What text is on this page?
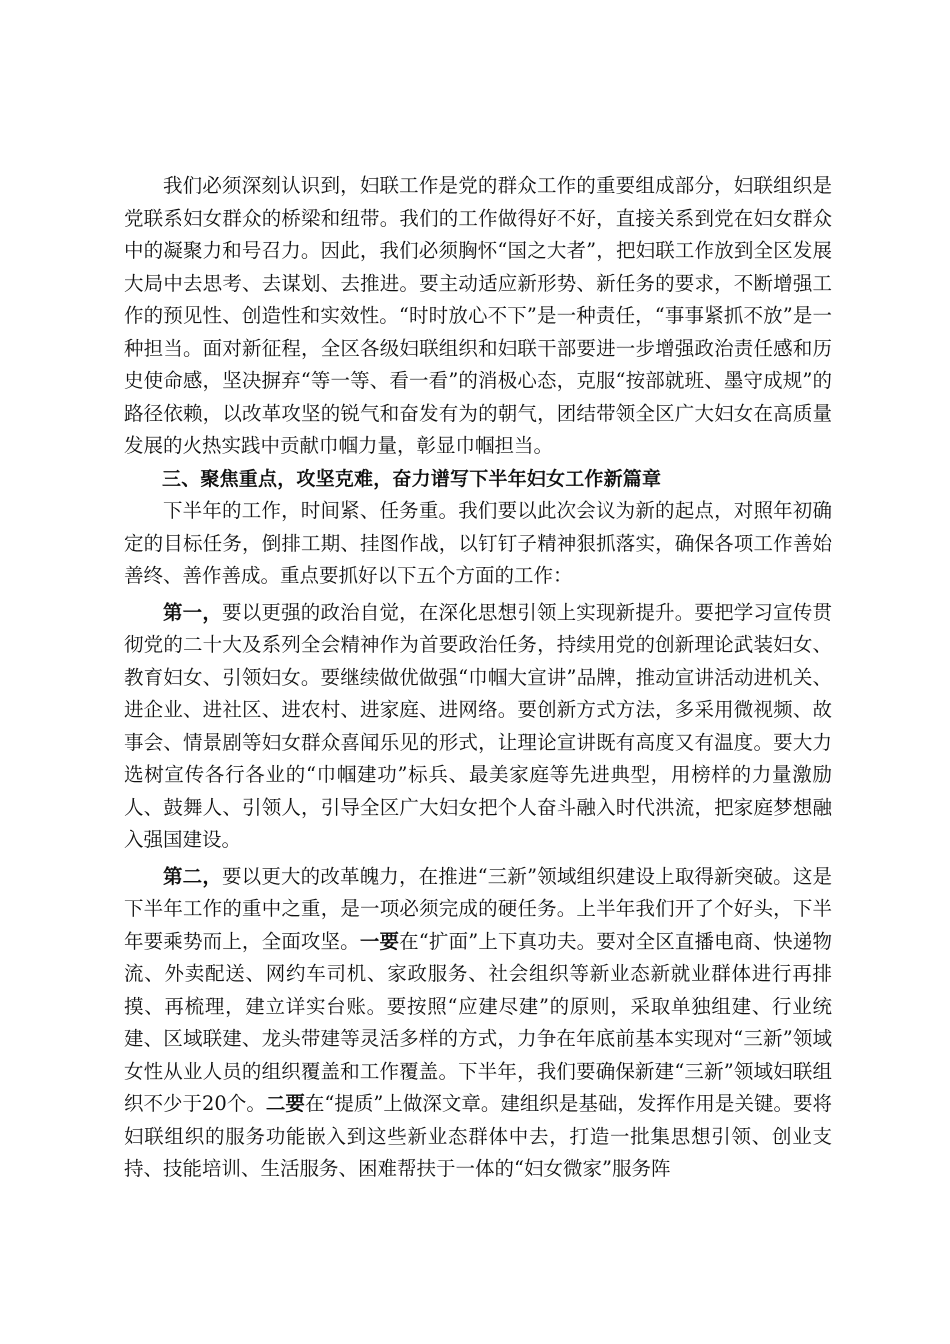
我们必须深刻认识到，妇联工作是党的群众工作的重要组成部分，妇联组织是党联系妇女群众的桥梁和纽带。我们的工作做得好不好，直接关系到党在妇女群众中的凝聚力和号召力。因此，我们必须胸怀“国之大者”，把妇联工作放到全区发展大局中去思考、去谋划、去推进。要主动适应新形势、新任务的要求，不断增强工作的预见性、创造性和实效性。“时时放心不下”是一种责任，“事事紧抓不放”是一种担当。面对新征程，全区各级妇联组织和妇联干部要进一步增强政治责任感和历史使命感，坚决摒弃“等一等、看一看”的消极心态，克服“按部就班、墨守成规”的路径依赖，以改革攻坚的锐气和奋发有为的朝气，团结带领全区广大妇女在高质量发展的火热实践中贡献巾帼力量，彰显巾帼担当。

三、聚焦重点，攻坚克难，奋力谱写下半年妇女工作新篇章

下半年的工作，时间紧、任务重。我们要以此次会议为新的起点，对照年初确定的目标任务，倒排工期、挂图作战，以钉钉子精神狠抓落实，确保各项工作善始善终、善作善成。重点要抓好以下五个方面的工作：

第一，要以更强的政治自觉，在深化思想引领上实现新提升。要把学习宣传贯彻党的二十大及系列全会精神作为首要政治任务，持续用党的创新理论武装妇女、教育妇女、引领妇女。要继续做优做强“巾帼大宣讲”品牌，推动宣讲活动进机关、进企业、进社区、进农村、进家庭、进网络。要创新方式方法，多采用微视频、故事会、情景剧等妇女群众喜闻乐见的形式，让理论宣讲既有高度又有温度。要大力选树宣传各行各业的“巾帼建功”标兵、最美家庭等先进典型，用榜样的力量激励人、鼓舞人、引领人，引导全区广大妇女把个人奋斗融入时代洪流，把家庭梦想融入强国建设。

第二，要以更大的改革魄力，在推进“三新”领域组织建设上取得新突破。这是下半年工作的重中之重，是一项必须完成的硬任务。上半年我们开了个好头，下半年要乘势而上，全面攻坚。一要在“扩面”上下真功夫。要对全区直播电商、快递物流、外卖配送、网约车司机、家政服务、社会组织等新业态新就业群体进行再排摸、再梳理，建立详实台账。要按照“应建尽建”的原则，采取单独组建、行业统建、区域联建、龙头带建等灵活多样的方式，力争在年底前基本实现对“三新”领域女性从业人员的组织覆盖和工作覆盖。下半年，我们要确保新建“三新”领域妇联组织不少于20个。二要在“提质”上做深文章。建组织是基础，发挥作用是关键。要将妇联组织的服务功能嵌入到这些新业态群体中去，打造一批集思想引领、创业支持、技能培训、生活服务、困难帮扶于一体的“妇女微家”服务阵
